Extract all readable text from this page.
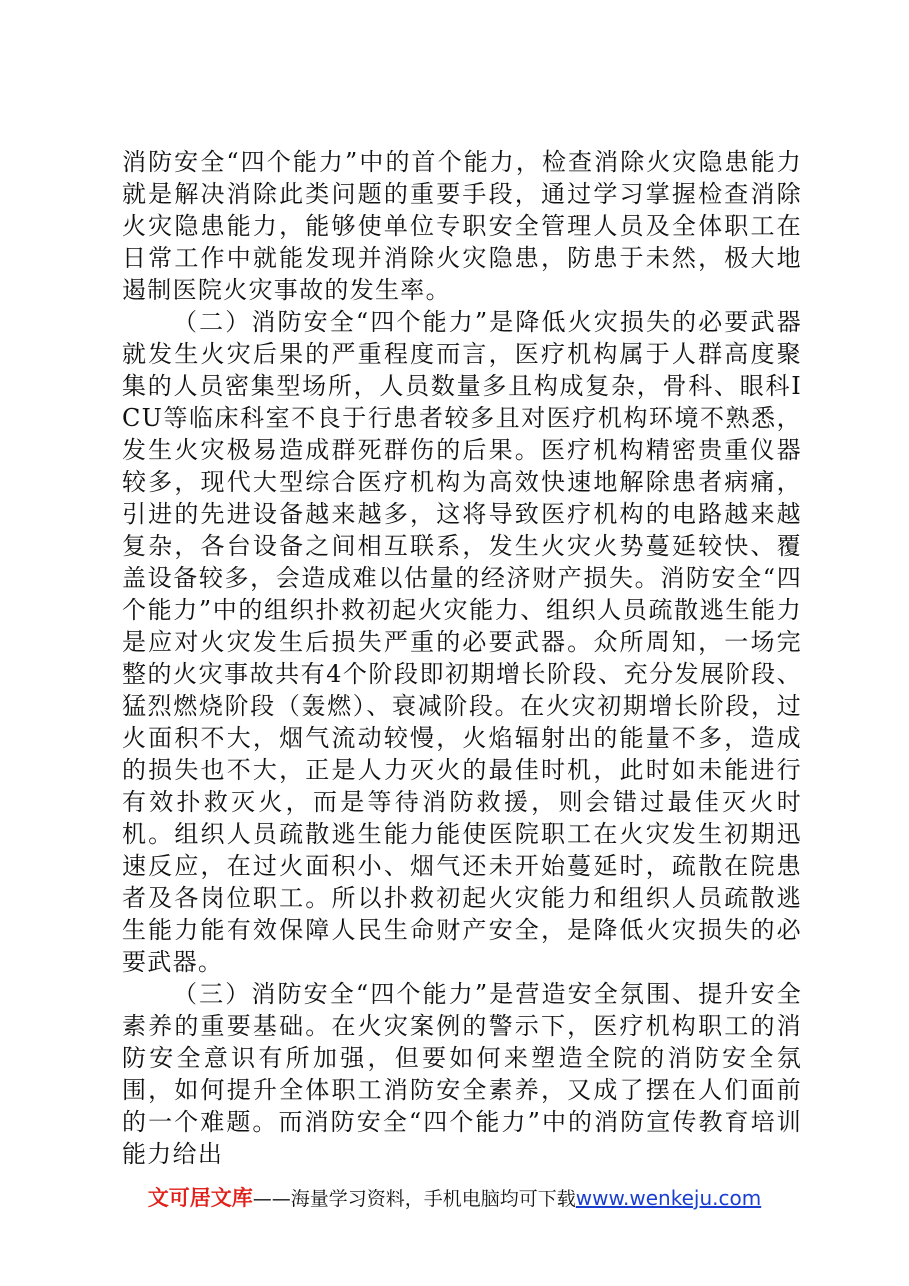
消防安全“四个能力”中的首个能力，检查消除火灾隐患能力就是解决消除此类问题的重要手段，通过学习掌握检查消除火灾隐患能力，能够使单位专职安全管理人员及全体职工在日常工作中就能发现并消除火灾隐患，防患于未然，极大地遏制医院火灾事故的发生率。

（二）消防安全“四个能力”是降低火灾损失的必要武器就发生火灾后果的严重程度而言，医疗机构属于人群高度聚集的人员密集型场所，人员数量多且构成复杂，骨科、眼科ICU等临床科室不良于行患者较多且对医疗机构环境不熟悉，发生火灾极易造成群死群伤的后果。医疗机构精密贵重仪器较多，现代大型综合医疗机构为高效快速地解除患者病痛，引进的先进设备越来越多，这将导致医疗机构的电路越来越复杂，各台设备之间相互联系，发生火灾火势蔓延较快、覆盖设备较多，会造成难以估量的经济财产损失。消防安全“四个能力”中的组织扑救初起火灾能力、组织人员疏散逃生能力是应对火灾发生后损失严重的必要武器。众所周知，一场完整的火灾事故共有4个阶段即初期增长阶段、充分发展阶段、猛烈燃烧阶段（轰燃）、衰减阶段。在火灾初期增长阶段，过火面积不大，烟气流动较慢，火焰辐射出的能量不多，造成的损失也不大，正是人力灭火的最佳时机，此时如未能进行有效扑救灭火，而是等待消防救援，则会错过最佳灭火时机。组织人员疏散逃生能力能使医院职工在火灾发生初期迅速反应，在过火面积小、烟气还未开始蔓延时，疏散在院患者及各岗位职工。所以扑救初起火灾能力和组织人员疏散逃生能力能有效保障人民生命财产安全，是降低火灾损失的必要武器。

（三）消防安全“四个能力”是营造安全氛围、提升安全素养的重要基础。在火灾案例的警示下，医疗机构职工的消防安全意识有所加强，但要如何来塑造全院的消防安全氛围，如何提升全体职工消防安全素养，又成了摆在人们面前的一个难题。而消防安全“四个能力”中的消防宣传教育培训能力给出

文可居文库——海量学习资料，手机电脑均可下载www.wenkeju.com
